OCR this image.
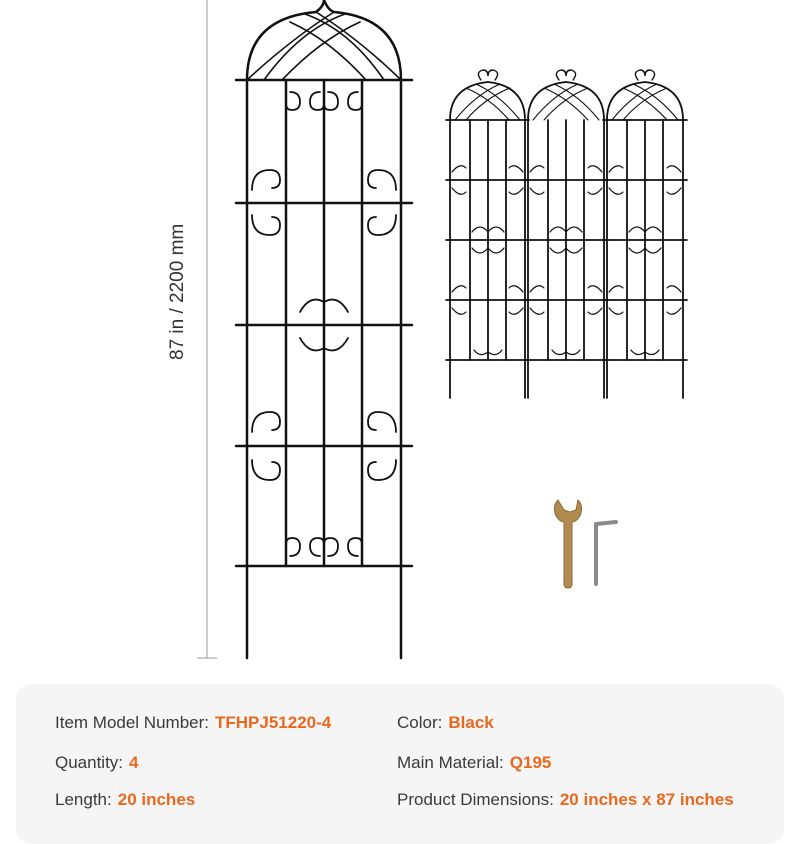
87 in / 2200 mm
Item Model Number: TFHPJ51220-4	Color: Black
Quantity: 4	Main Material: Q195
Length: 20 inches	Product Dimensions: 20 inches x 87 inches
